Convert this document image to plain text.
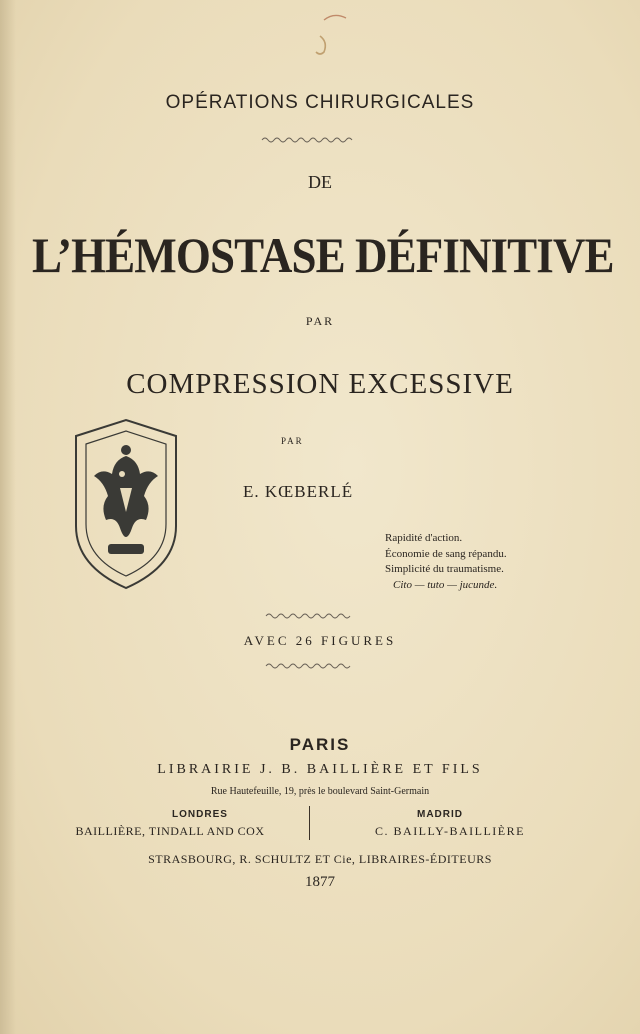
OPÉRATIONS CHIRURGICALES
DE
L’HÉMOSTASE DÉFINITIVE
PAR
COMPRESSION EXCESSIVE
PAR
E. KŒBERLÉ
Rapidité d'action.
Économie de sang répandu.
Simplicité du traumatisme.
Cito — tuto — jucunde.
AVEC 26 FIGURES
PARIS
LIBRAIRIE J. B. BAILLIÈRE ET FILS
Rue Hautefeuille, 19, près le boulevard Saint-Germain
LONDRES
BAILLIÈRE, TINDALL AND COX
MADRID
C. BAILLY-BAILLIÈRE
STRASBOURG, R. SCHULTZ ET Cie, LIBRAIRES-ÉDITEURS
1877
